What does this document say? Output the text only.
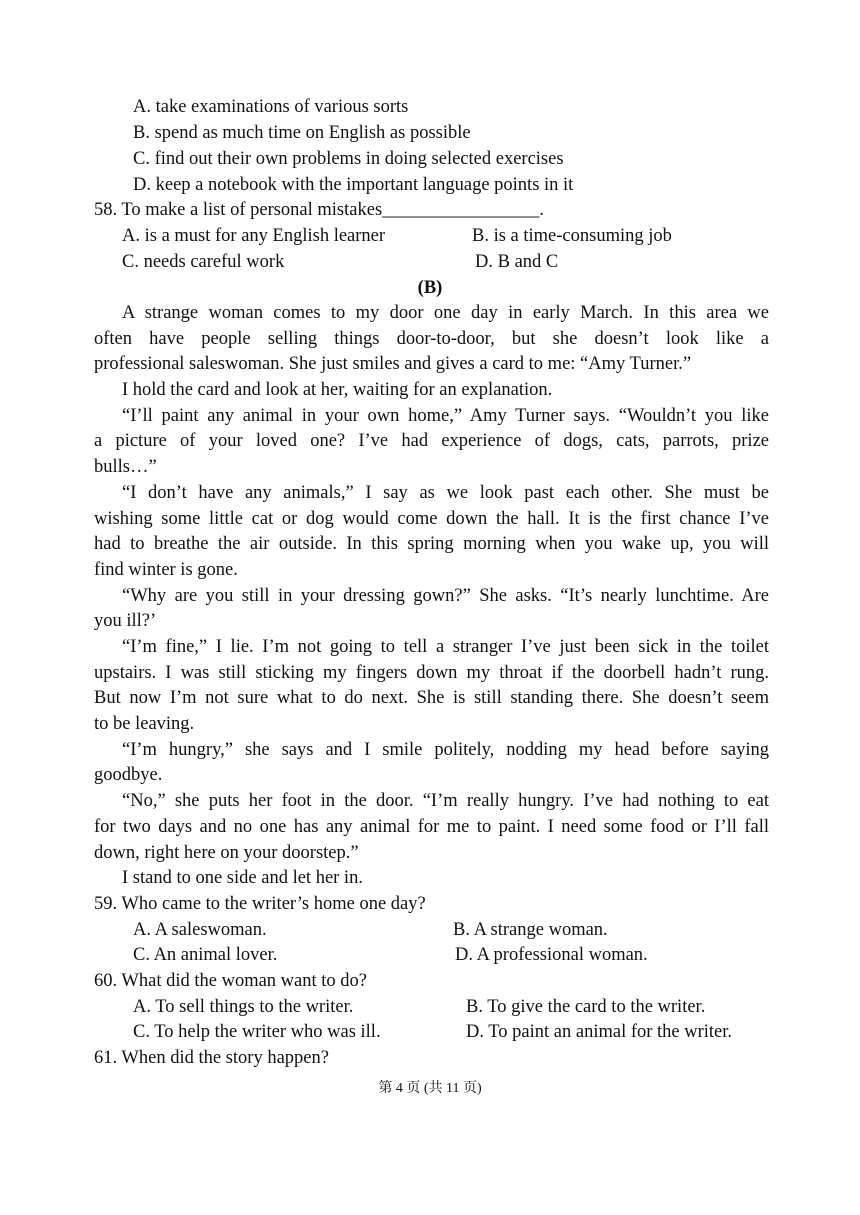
A. take examinations of various sorts
B. spend as much time on English as possible
C. find out their own problems in doing selected exercises
D. keep a notebook with the important language points in it
58. To make a list of personal mistakes_________________.
A. is a must for any English learner	B. is a time-consuming job
C. needs careful work	D. B and C
(B)
A strange woman comes to my door one day in early March. In this area we
often have people selling things door-to-door, but she doesn’t look like a
professional saleswoman. She just smiles and gives a card to me: “Amy Turner.”
I hold the card and look at her, waiting for an explanation.
“I’ll paint any animal in your own home,” Amy Turner says. “Wouldn’t you like
a picture of your loved one? I’ve had experience of dogs, cats, parrots, prize
bulls…”
“I don’t have any animals,” I say as we look past each other. She must be
wishing some little cat or dog would come down the hall. It is the first chance I’ve
had to breathe the air outside. In this spring morning when you wake up, you will
find winter is gone.
“Why are you still in your dressing gown?” She asks. “It’s nearly lunchtime. Are
you ill?’
“I’m fine,” I lie. I’m not going to tell a stranger I’ve just been sick in the toilet
upstairs. I was still sticking my fingers down my throat if the doorbell hadn’t rung.
But now I’m not sure what to do next. She is still standing there. She doesn’t seem
to be leaving.
“I’m hungry,” she says and I smile politely, nodding my head before saying
goodbye.
“No,” she puts her foot in the door. “I’m really hungry. I’ve had nothing to eat
for two days and no one has any animal for me to paint. I need some food or I’ll fall
down, right here on your doorstep.”
I stand to one side and let her in.
59. Who came to the writer’s home one day?
A. A saleswoman.	B. A strange woman.
C. An animal lover.	D. A professional woman.
60. What did the woman want to do?
A. To sell things to the writer.	B. To give the card to the writer.
C. To help the writer who was ill.	D. To paint an animal for the writer.
61. When did the story happen?
第 4 页 (共 11 页)
